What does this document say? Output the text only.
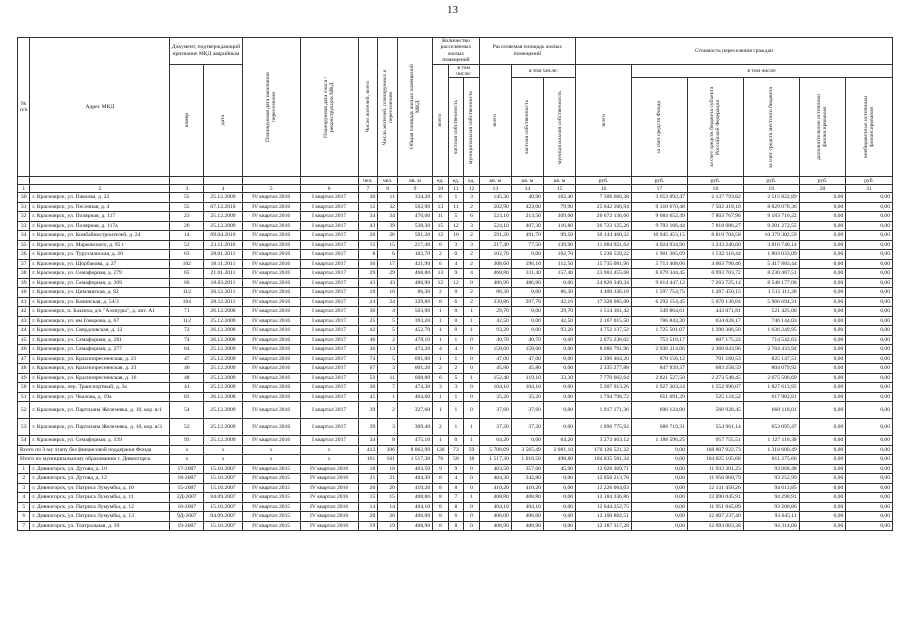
13
№ п/п	Адрес МКД	Документ, подтверждающий признание МКД аварийным		Планируемая дата окончания переселения	Планируемая дата сноса / реконструкции МКД	Число жителей, всего	Число жителей, планируемых к переселению	Общая площадь жилых помещений МКД	Количество расселяемых жилых помещений			Расселяемая площадь жилых помещений			Стоимость переселения граждан					

		номер	дата						всего	в том числе:		всего	в том числе:		всего	в том числе:				

										частная собственность	муниципальная собственность		частная собственность	муниципальная собственность		за счет средств Фонда	за счет средств бюджета субъекта Российской Федерации	за счет средств местного бюджета	дополнительные источники финансирования	внебюджетные источники финансирования

						чел.	чел.	кв. м	ед.	ед.	ед.	кв. м	кв. м	кв. м	руб.	руб.	руб.	руб.	руб.	руб.
1	2	3	4	5	6	7	8	9	10	11	12	13	14	15	16	17	18	19	20	21
30	г. Красноярск, ул. Павлова, д. 22	55	25.12.2009	IV квартал 2016	I квартал 2017	30	11	334,20	6	1	3	145,30	40,90	102,40	7 306 666,38	3 653 092,47	2 137 793,82	2 515 822,89	0,00	0,00
31	г. Красноярск, ул. Песочная, д. 4	55	07.12.2010	IV квартал 2016	I квартал 2017	12	32	502,90	13	11	2	502,90	423,00	79,90	25 642 166,94	9 310 670,48	7 502 418,10	8 829 078,36	0,00	0,00
32	г. Красноярск, ул. Полярная, д. 117	23	25.12.2009	IV квартал 2016	I квартал 2017	34	34	470,00	11	5	6	523,10	213,50	309,60	26 672 136,66	9 684 652,49	7 803 767,96	9 183 716,22	0,00	0,00
33	г. Красноярск, ул. Полярная, д. 117а	26	25.12.2009	IV квартал 2016	I квартал 2017	43	39	538,30	15	12	3	524,10	407,30	116,80	26 723 125,26	9 703 166,44	7 818 686,27	9 201 272,55	0,00	0,00
34	г. Красноярск, ул. Комбайностроителей, д. 24	14	09.04.2010	IV квартал 2016	I квартал 2017	26	26	591,20	12	10	2	591,20	491,70	99,50	30 144 460,32	10 945 453,15	8 819 704,58	10 379 302,59	0,00	0,00
35	г. Красноярск, ул. Марковского, д. 95 г	52	23.11.2010	IV квартал 2016	I квартал 2017	15	15	217,40	6	3	3	217,40	77,50	139,90	11 084 921,64	4 024 934,90	3 243 240,60	3 816 746,14	0,00	0,00
36	г. Красноярск, ул. Турухманская, д. 20	63	28.01.2011	IV квартал 2016	I квартал 2017	8	6	102,70	2	0	2	102,70	0,00	102,70	5 236 529,22	1 901 385,69	1 532 110,44	1 803 033,09	0,00	0,00
37	г. Красноярск, ул. Щорбакова, д. 27	102	18.11.2011	IV квартал 2016	I квартал 2017	36	17	421,90	6	4	2	308,60	196,10	112,50	15 735 081,96	5 713 408,06	4 603 790,46	5 417 883,44	0,00	0,00
38	г. Красноярск, ул. Семафорная, д. 279	65	21.01.2011	IV квартал 2016	I квартал 2017	29	29	468,80	13	9	4	468,80	311,40	157,40	23 903 455,68	8 679 344,45	6 993 703,72	8 230 407,51	0,00	0,00
39	г. Красноярск, ул. Семафорная, д. 309	66	18.03.2011	IV квартал 2016	I квартал 2017	43	43	486,90	12	12	0	486,90	486,90	0,00	24 826 349,34	9 014 447,12	7 263 725,14	8 548 177,08	0,00	0,00
40	г. Красноярск, ул. Цимлянская, д. 82	112	26.12.2011	IV квартал 2016	I квартал 2017	19	10	86,30	2	0	2	86,30	0,00	86,30	4 400 336,18	1 597 754,75	1 287 450,15	1 515 111,28	0,00	0,00
41	г. Красноярск, ул. Качинская, д. 54/3	104	28.12.2011	IV квартал 2016	I квартал 2017	24	24	339,86	8	6	2	339,86	297,70	42,16	17 328 985,60	6 292 154,45	5 070 136,84	5 966 694,31	0,00	0,00
42	г. Красноярск, п. Базаиха, д/к "Аэлиуры", д. лит. А1	71	26.12.2008	IV квартал 2016	I квартал 2017	36	4	503,90	1	0	1	29,70	0,00	29,70	1 514 361,42	549 864,61	443 071,81	521 425,00	0,00	0,00
43	г. Красноярск, ул. им Говорова, д. 67	112	25.12.2009	IV квартал 2016	I квартал 2017	25	5	393,20	1	0	1	42,50	0,00	42,50	2 167 015,50	786 843,30	634 028,17	746 144,03	0,00	0,00
44	г. Красноярск, ул. Свердловская, д. 12	72	26.12.2008	IV квартал 2016	I квартал 2017	42	5	452,70	1	0	1	93,20	0,00	93,20	4 752 137,52	1 725 501,07	1 390 386,50	1 636 249,95	0,00	0,00
45	г. Красноярск, ул. Семафорная, д. 281	74	26.12.2008	IV квартал 2016	I квартал 2017	46	2	478,10	1	1	0	40,70	40,70	0,00	2 075 236,02	753 518,17	607 175,22	714 542,63	0,00	0,00
46	г. Красноярск, ул. Семафорная, д. 277	64	25.12.2009	IV квартал 2016	I квартал 2017	36	13	472,20	4	4	0	158,60	158,60	0,00	8 086 791,96	2 936 314,06	2 366 043,96	2 784 433,94	0,00	0,00
47	г. Красноярск, ул. Краснопресненская, д. 21	47	25.12.2009	IV квартал 2016	I квартал 2017	74	5	691,00	1	1	0	47,00	47,00	0,00	2 396 464,20	870 156,12	701 160,53	825 147,51	0,00	0,00
48	г. Красноярск, ул. Краснопресненская, д. 23	46	25.12.2009	IV квартал 2016	I квартал 2017	67	3	601,20	2	2	0	45,80	45,80	0,00	2 335 277,88	847 939,37	683 258,59	804 079,92	0,00	0,00
49	г. Красноярск, ул. Краснопресненская, д. 16	48	25.12.2009	IV квартал 2016	I квартал 2017	53	11	608,80	6	5	1	152,40	119,10	33,30	7 770 662,64	2 821 527,50	2 273 548,45	2 675 586,69	0,00	0,00
50	г. Красноярск, пер. Транспортный, д. 3а	41	25.12.2009	IV квартал 2016	I квартал 2017	30	7	474,30	3	3	0	104,10	104,10	0,00	5 307 913,26	1 927 303,24	1 552 996,07	1 827 613,95	0,00	0,00
51	г. Красноярск, ул. Чкалова, д. 19а	83	26.12.2008	IV квартал 2016	I квартал 2017	45	1	464,60	1	1	0	35,20	35,20	0,00	1 794 798,72	651 691,39	525 124,52	617 982,81	0,00	0,00
52	г. Красноярск, ул. Партизана Железняка, д. 10, кор. в/1	54	25.12.2009	IV квартал 2016	I квартал 2017	39	2	327,60	1	1	0	37,60	37,60	0,00	1 917 171,36	696 124,00	560 928,45	660 118,01	0,00	0,00
53	г. Красноярск, ул. Партизана Железняка, д. 10, кор. в/3	52	25.12.2009	IV квартал 2016	I квартал 2017	39	3	309,40	2	1	1	37,20	37,20	0,00	1 896 775,92	688 719,31	554 961,14	653 095,47	0,00	0,00
54	г. Красноярск, ул. Семафорная, д. 339	93	25.12.2009	IV квартал 2016	I квартал 2017	34	8	475,10	1	0	1	64,20	0,00	64,20	3 273 463,12	1 188 596,25	957 755,51	1 127 116,38	0,00	0,00
Всего по 3-му этапу без финансовой поддержки Фонда		x	x	x	x	413	306	8 062,99	136	73	59	5 708,09	3 565,49	2 081,10	170 126 521,22	0,00	168 807 922,73	1 318 600,49	0,00	0,00
Итого по муниципальному образованию г. Дивногорск		x	x	x	x	161	161	1 517,30	76	58	18	1 517,30	1 018,50	498,80	104 835 581,34	0,00	104 025 105,68	811 275,66	0,00	0,00
1	г. Дивногорск, ул. Дутова, д. 10	17-2007	15.10.2007	IV квартал 2015	IV квартал 2016	18	18	403,50	9	9	0	403,50	357,60	45,90	12 028 369,71	0,00	11 933 301,23	93 068,48	0,00	0,00
2	г. Дивногорск, ул. Дутова, д. 12	18-2007	15.10.2007	IV квартал 2015	IV квартал 2016	21	21	404,30	8	4	0	404,30	342,80	0,00	12 050 213,78	0,00	11 956 960,79	93 252,99	0,00	0,00
3	г. Дивногорск, ул. Патриса Лумумбы, д. 10	15-2007	15.10.2007	IV квартал 2015	IV квартал 2016	20	20	410,20	8	8	0	410,20	410,20	0,00	12 226 064,03	0,00	12 131 450,26	94 613,85	0,00	0,00
4	г. Дивногорск, ул. Патриса Лумумбы, д. 11	2Д-2007	04.09.2007	IV квартал 2015	IV квартал 2016	15	15	408,80	8	7	1	408,80	408,80	0,00	12 184 336,86	0,00	12 090 045,91	94 290,91	0,00	0,00
5	г. Дивногорск, ул. Патриса Лумумбы, д. 12	16-2007	15.10.2007	IV квартал 2015	IV квартал 2016	14	14	404,10	8	8	0	404,10	404,10	0,00	12 044 252,75	0,00	11 951 045,89	93 206,86	0,00	0,00
6	г. Дивногорск, ул. Патриса Лумумбы, д. 13	9Д-2007	04.09.2007	IV квартал 2015	IV квартал 2016	20	20	406,00	8	6	0	406,00	406,00	0,00	12 100 882,51	0,00	12 007 237,40	93 645,11	0,00	0,00
7	г. Дивногорск, ул. Театральная, д. 39	19-2007	15.10.2007	IV квартал 2015	IV квартал 2016	19	19	408,90	8	8	0	408,90	408,90	0,00	12 187 317,28	0,00	12 093 003,38	94 314,00	0,00	0,00
